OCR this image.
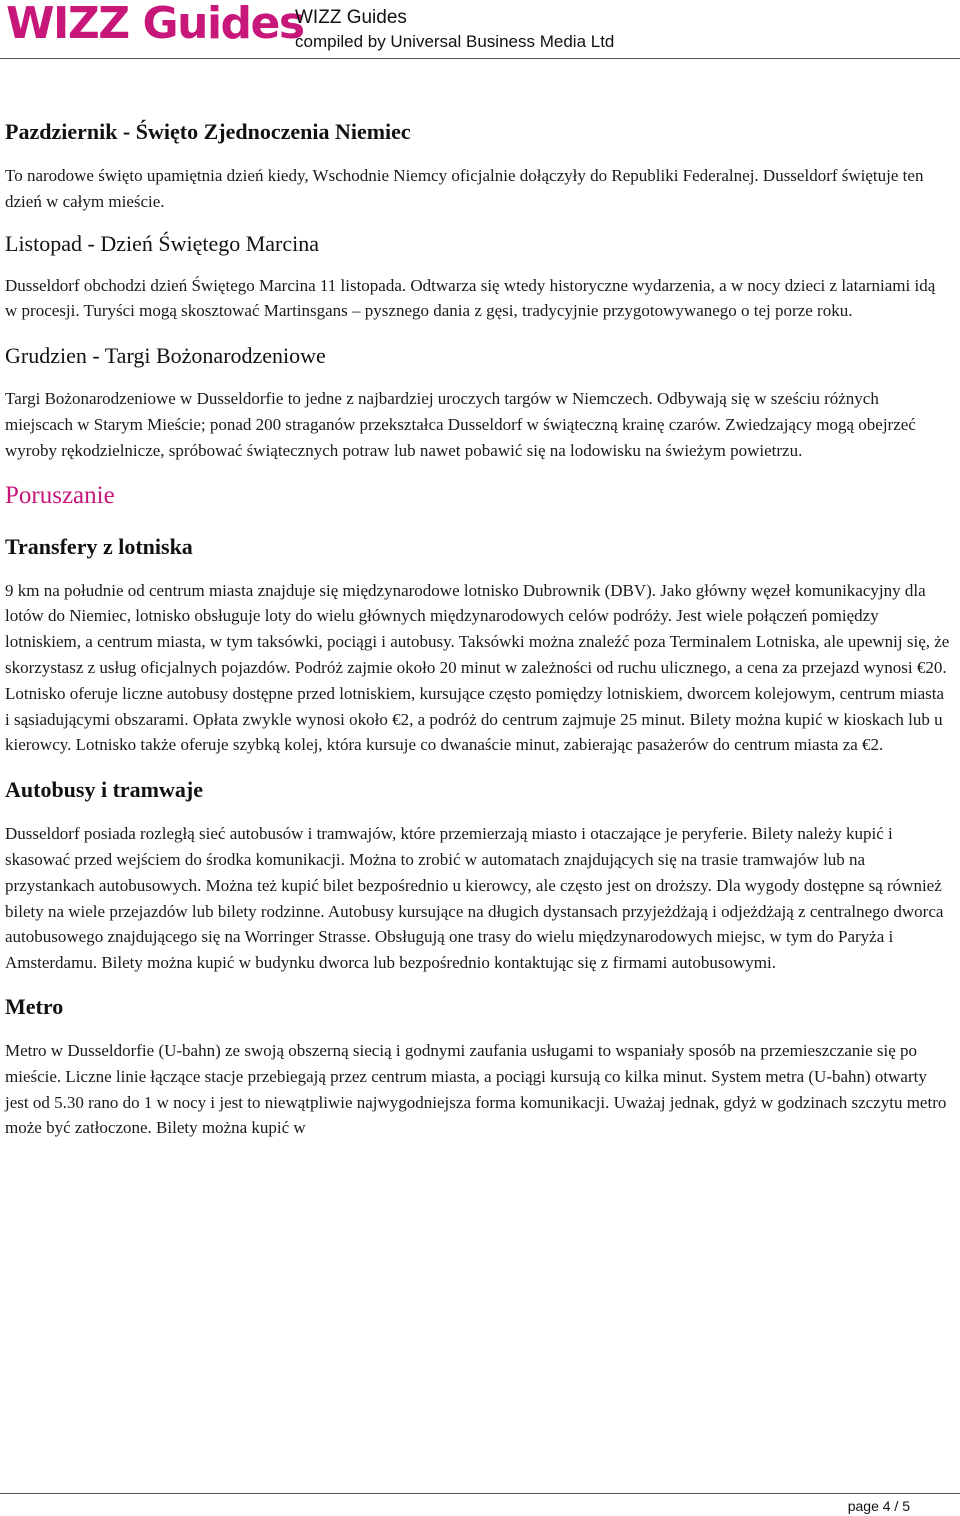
WIZZ Guides
WIZZ Guides
compiled by Universal Business Media Ltd
Pazdziernik - Święto Zjednoczenia Niemiec

To narodowe święto upamiętnia dzień kiedy, Wschodnie Niemcy oficjalnie dołączyły do Republiki Federalnej. Dusseldorf świętuje ten dzień w całym mieście.

Listopad - Dzień Świętego Marcina

Dusseldorf obchodzi dzień Świętego Marcina 11 listopada. Odtwarza się wtedy historyczne wydarzenia, a w nocy dzieci z latarniami idą w procesji. Turyści mogą skosztować Martinsgans – pysznego dania z gęsi, tradycyjnie przygotowywanego o tej porze roku.

Grudzien - Targi Bożonarodzeniowe

Targi Bożonarodzeniowe w Dusseldorfie to jedne z najbardziej uroczych targów w Niemczech. Odbywają się w sześciu różnych miejscach w Starym Mieście; ponad 200 straganów przekształca Dusseldorf w świąteczną krainę czarów. Zwiedzający mogą obejrzeć wyroby rękodzielnicze, spróbować świątecznych potraw lub nawet pobawić się na lodowisku na świeżym powietrzu.

Poruszanie
Transfery z lotniska

9 km na południe od centrum miasta znajduje się międzynarodowe lotnisko Dubrownik (DBV). Jako główny węzeł komunikacyjny dla lotów do Niemiec, lotnisko obsługuje loty do wielu głównych międzynarodowych celów podróży. Jest wiele połączeń pomiędzy lotniskiem, a centrum miasta, w tym taksówki, pociągi i autobusy. Taksówki można znaleźć poza Terminalem Lotniska, ale upewnij się, że skorzystasz z usług oficjalnych pojazdów. Podróż zajmie około 20 minut w zależności od ruchu ulicznego, a cena za przejazd wynosi €20. Lotnisko oferuje liczne autobusy dostępne przed lotniskiem, kursujące często pomiędzy lotniskiem, dworcem kolejowym, centrum miasta i sąsiadującymi obszarami. Opłata zwykle wynosi około €2, a podróż do centrum zajmuje 25 minut. Bilety można kupić w kioskach lub u kierowcy. Lotnisko także oferuje szybką kolej, która kursuje co dwanaście minut, zabierając pasażerów do centrum miasta za €2.

Autobusy i tramwaje

Dusseldorf posiada rozległą sieć autobusów i tramwajów, które przemierzają miasto i otaczające je peryferie. Bilety należy kupić i skasować przed wejściem do środka komunikacji. Można to zrobić w automatach znajdujących się na trasie tramwajów lub na przystankach autobusowych. Można też kupić bilet bezpośrednio u kierowcy, ale często jest on droższy. Dla wygody dostępne są również bilety na wiele przejazdów lub bilety rodzinne. Autobusy kursujące na długich dystansach przyjeżdżają i odjeżdżają z centralnego dworca autobusowego znajdującego się na Worringer Strasse. Obsługują one trasy do wielu międzynarodowych miejsc, w tym do Paryża i Amsterdamu. Bilety można kupić w budynku dworca lub bezpośrednio kontaktując się z firmami autobusowymi.

Metro

Metro w Dusseldorfie (U-bahn) ze swoją obszerną siecią i godnymi zaufania usługami to wspaniały sposób na przemieszczanie się po mieście. Liczne linie łączące stacje przebiegają przez centrum miasta, a pociągi kursują co kilka minut. System metra (U-bahn) otwarty jest od 5.30 rano do 1 w nocy i jest to niewątpliwie najwygodniejsza forma komunikacji. Uważaj jednak, gdyż w godzinach szczytu metro może być zatłoczone. Bilety można kupić w

page 4 / 5
